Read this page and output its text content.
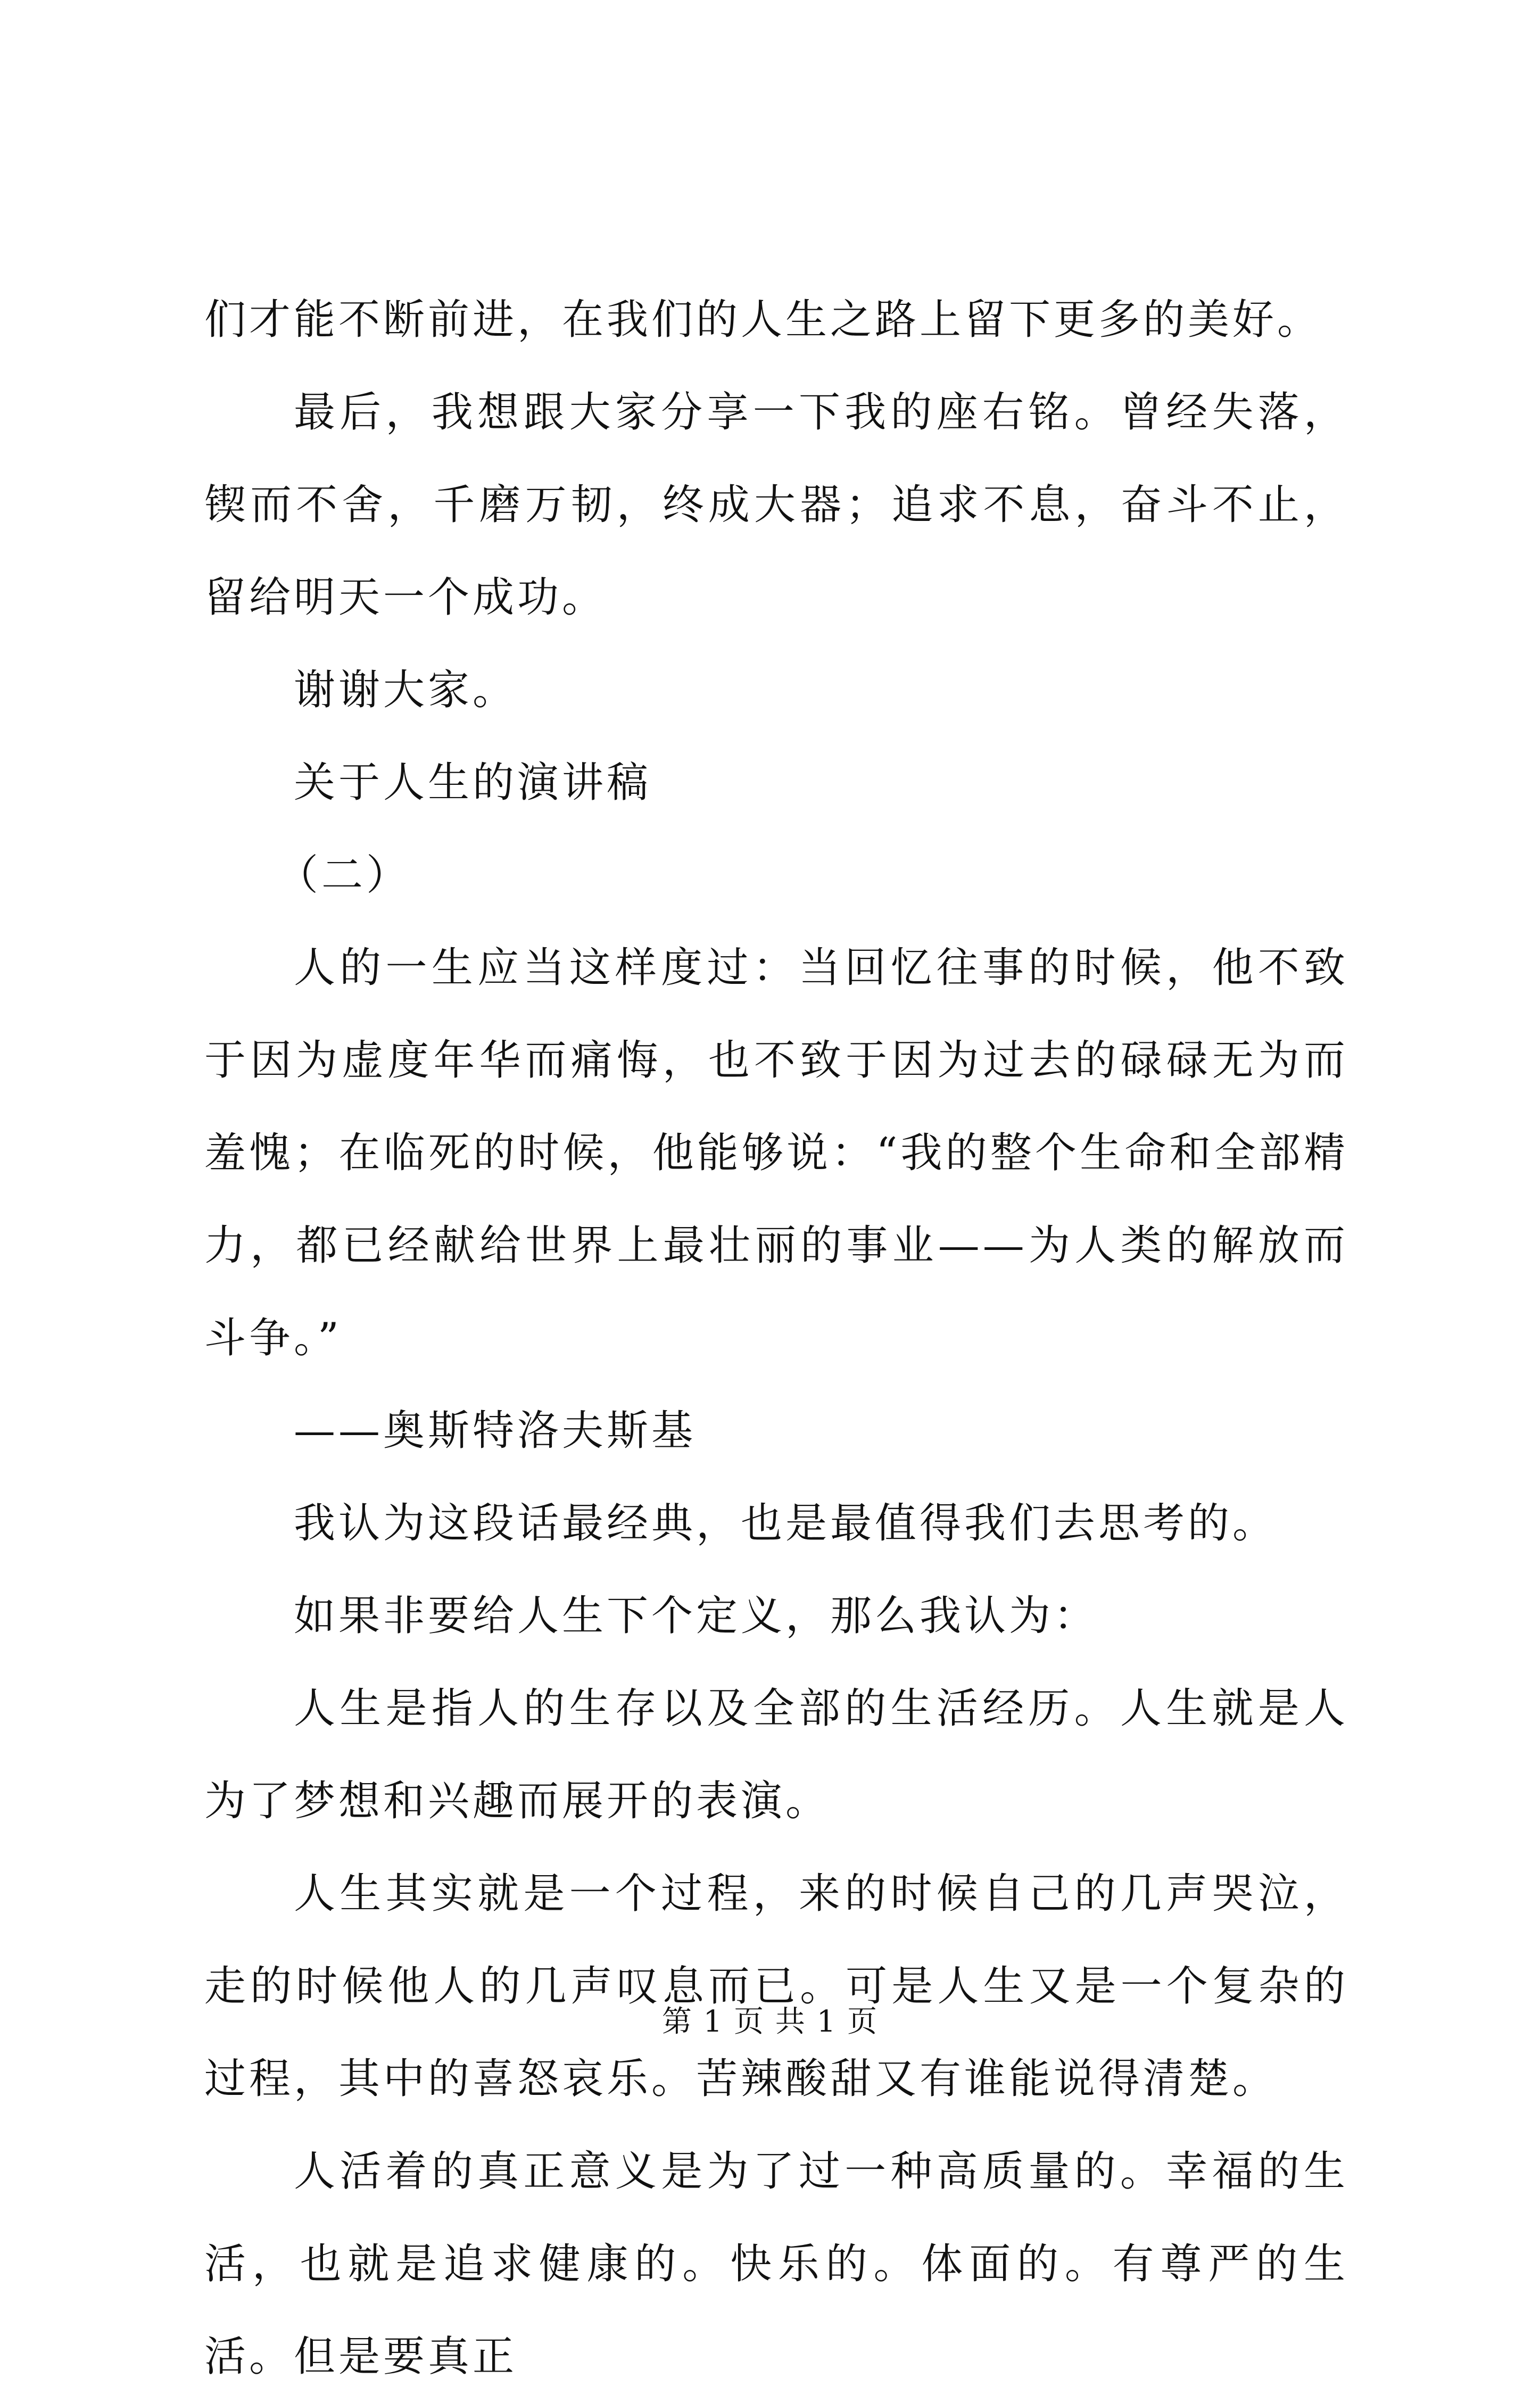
们才能不断前进，在我们的人生之路上留下更多的美好。

最后，我想跟大家分享一下我的座右铭。曾经失落，锲而不舍，千磨万韧，终成大器；追求不息，奋斗不止，留给明天一个成功。

谢谢大家。

关于人生的演讲稿

（二）

人的一生应当这样度过：当回忆往事的时候，他不致于因为虚度年华而痛悔，也不致于因为过去的碌碌无为而羞愧；在临死的时候，他能够说：“我的整个生命和全部精力，都已经献给世界上最壮丽的事业——为人类的解放而斗争。”

——奥斯特洛夫斯基

我认为这段话最经典，也是最值得我们去思考的。

如果非要给人生下个定义，那么我认为：

人生是指人的生存以及全部的生活经历。人生就是人为了梦想和兴趣而展开的表演。

人生其实就是一个过程，来的时候自己的几声哭泣，走的时候他人的几声叹息而已。可是人生又是一个复杂的过程，其中的喜怒哀乐。苦辣酸甜又有谁能说得清楚。

人活着的真正意义是为了过一种高质量的。幸福的生活，也就是追求健康的。快乐的。体面的。有尊严的生活。但是要真正

第 1 页 共 1 页
